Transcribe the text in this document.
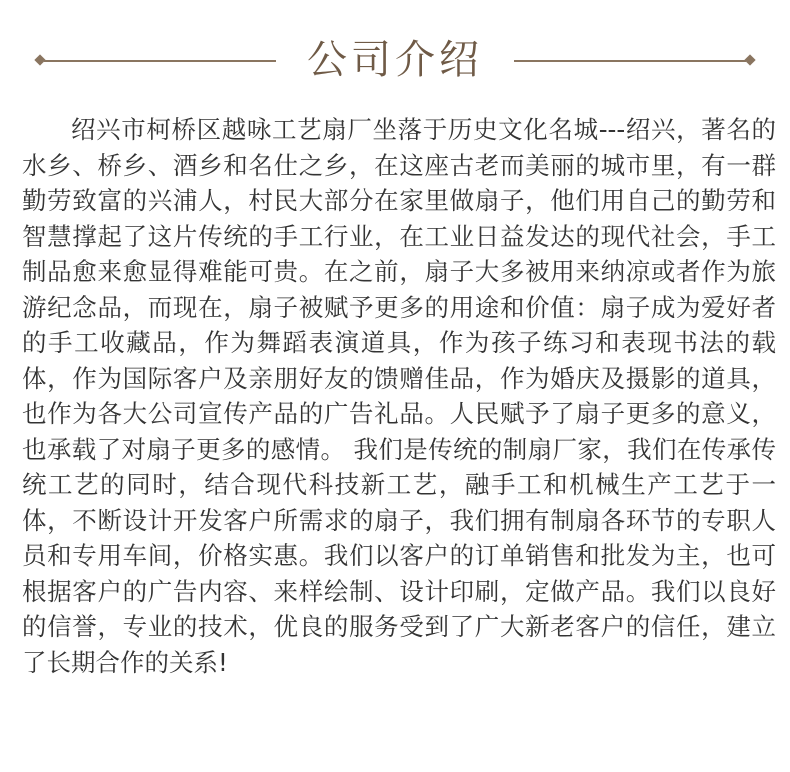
公司介绍

绍兴市柯桥区越咏工艺扇厂坐落于历史文化名城---绍兴，著名的水乡、桥乡、酒乡和名仕之乡，在这座古老而美丽的城市里，有一群勤劳致富的兴浦人，村民大部分在家里做扇子，他们用自己的勤劳和智慧撑起了这片传统的手工行业，在工业日益发达的现代社会，手工制品愈来愈显得难能可贵。在之前，扇子大多被用来纳凉或者作为旅游纪念品，而现在，扇子被赋予更多的用途和价值：扇子成为爱好者的手工收藏品，作为舞蹈表演道具，作为孩子练习和表现书法的载体，作为国际客户及亲朋好友的馈赠佳品，作为婚庆及摄影的道具，也作为各大公司宣传产品的广告礼品。人民赋予了扇子更多的意义，也承载了对扇子更多的感情。 我们是传统的制扇厂家，我们在传承传统工艺的同时，结合现代科技新工艺，融手工和机械生产工艺于一体，不断设计开发客户所需求的扇子，我们拥有制扇各环节的专职人员和专用车间，价格实惠。我们以客户的订单销售和批发为主，也可根据客户的广告内容、来样绘制、设计印刷，定做产品。我们以良好的信誉，专业的技术，优良的服务受到了广大新老客户的信任，建立了长期合作的关系!
